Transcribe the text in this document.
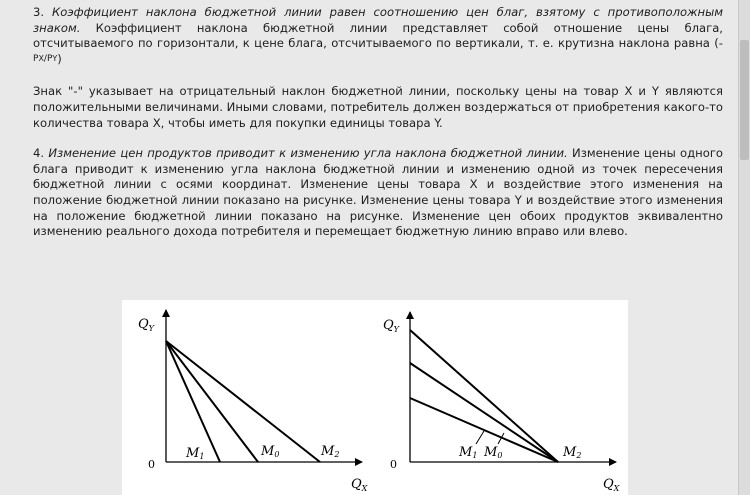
3. Коэффициент наклона бюджетной линии равен соотношению цен благ, взятому с противоположным знаком. Коэффициент наклона бюджетной линии представляет собой отношение цены блага, отсчитываемого по горизонтали, к цене блага, отсчитываемого по вертикали, т. е. крутизна наклона равна (- PX/PY)

Знак "-" указывает на отрицательный наклон бюджетной линии, поскольку цены на товар X и Y являются положительными величинами. Иными словами, потребитель должен воздержаться от приобретения какого-то количества товара X, чтобы иметь для покупки единицы товара Y.

4. Изменение цен продуктов приводит к изменению угла наклона бюджетной линии. Изменение цены одного блага приводит к изменению угла наклона бюджетной линии и изменению одной из точек пересечения бюджетной линии с осями координат. Изменение цены товара X и воздействие этого изменения на положение бюджетной линии показано на рисунке. Изменение цены товара Y и воздействие этого изменения на положение бюджетной линии показано на рисунке. Изменение цен обоих продуктов эквивалентно изменению реального дохода потребителя и перемещает бюджетную линию вправо или влево.

$Q_Y$
$Q_X$
0
M1	M0	M2
$Q_Y$
$Q_X$
0
M1 M0	M2
